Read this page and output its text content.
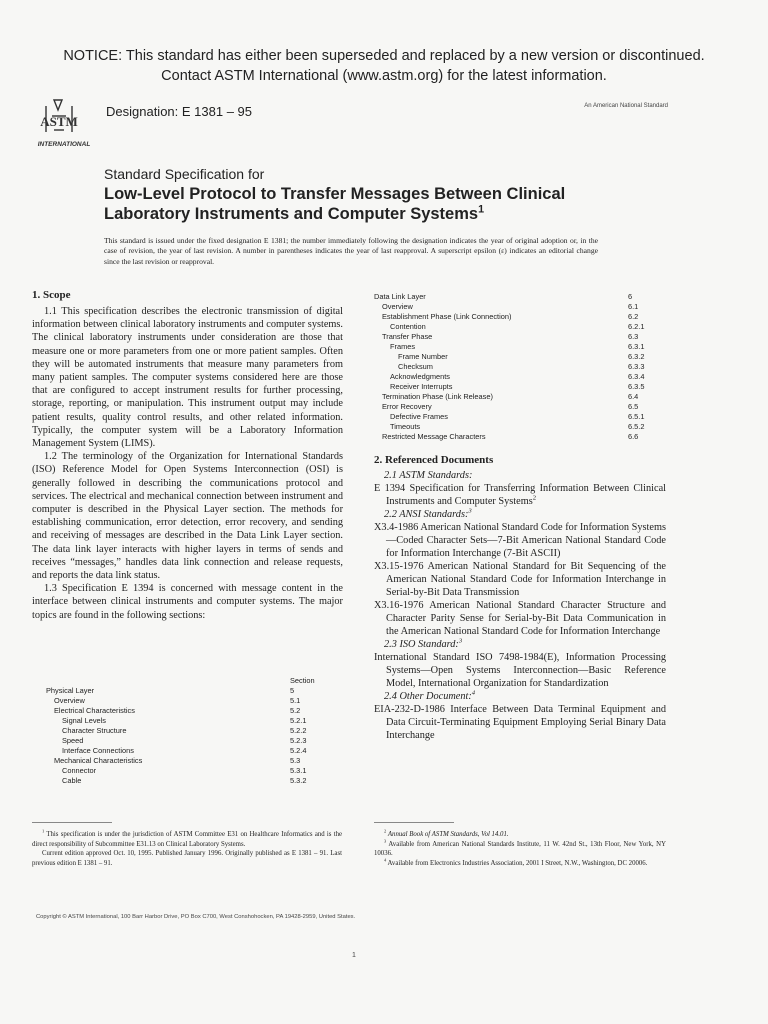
NOTICE: This standard has either been superseded and replaced by a new version or discontinued.
Contact ASTM International (www.astm.org) for the latest information.
ASTM
INTERNATIONAL
Designation: E 1381 – 95	An American National Standard
Standard Specification for
Low-Level Protocol to Transfer Messages Between Clinical
Laboratory Instruments and Computer Systems$^1$
This standard is issued under the fixed designation E 1381; the number immediately following the designation indicates the year of original adoption or, in the case of revision, the year of last revision. A number in parentheses indicates the year of last reapproval. A superscript epsilon (ε) indicates an editorial change since the last revision or reapproval.
1. Scope

1.1 This specification describes the electronic transmission of digital information between clinical laboratory instruments and computer systems. The clinical laboratory instruments under consideration are those that measure one or more parameters from one or more patient samples. Often they will be automated instruments that measure many parameters from many patient samples. The computer systems considered here are those that are configured to accept instrument results for further processing, storage, reporting, or manipulation. This instrument output may include patient results, quality control results, and other related information. Typically, the computer system will be a Laboratory Information Management System (LIMS).

1.2 The terminology of the Organization for International Standards (ISO) Reference Model for Open Systems Interconnection (OSI) is generally followed in describing the communications protocol and services. The electrical and mechanical connection between instrument and computer is described in the Physical Layer section. The methods for establishing communication, error detection, error recovery, and sending and receiving of messages are described in the Data Link Layer section. The data link layer interacts with higher layers in terms of sends and receives “messages,” handles data link connection and release requests, and reports the data link status.

1.3 Specification E 1394 is concerned with message content in the interface between clinical instruments and computer systems. The major topics are found in the following sections:

Section
Physical Layer	5
Overview	5.1
Electrical Characteristics	5.2
Signal Levels	5.2.1
Character Structure	5.2.2
Speed	5.2.3
Interface Connections	5.2.4
Mechanical Characteristics	5.3
Connector	5.3.1
Cable	5.3.2
Data Link Layer	6
Overview	6.1
Establishment Phase (Link Connection)	6.2
Contention	6.2.1
Transfer Phase	6.3
Frames	6.3.1
Frame Number	6.3.2
Checksum	6.3.3
Acknowledgments	6.3.4
Receiver Interrupts	6.3.5
Termination Phase (Link Release)	6.4
Error Recovery	6.5
Defective Frames	6.5.1
Timeouts	6.5.2
Restricted Message Characters	6.6
2. Referenced Documents
2.1 ASTM Standards:
E 1394 Specification for Transferring Information Between Clinical Instruments and Computer Systems$^2$
2.2 ANSI Standards:$^3$
X3.4-1986 American National Standard Code for Information Systems—Coded Character Sets—7-Bit American National Standard Code for Information Interchange (7-Bit ASCII)
X3.15-1976 American National Standard for Bit Sequencing of the American National Standard Code for Information Interchange in Serial-by-Bit Data Transmission
X3.16-1976 American National Standard Character Structure and Character Parity Sense for Serial-by-Bit Data Communication in the American National Standard Code for Information Interchange
2.3 ISO Standard:$^3$
International Standard ISO 7498-1984(E), Information Processing Systems—Open Systems Interconnection—Basic Reference Model, International Organization for Standardization
2.4 Other Document:$^4$
EIA-232-D-1986 Interface Between Data Terminal Equipment and Data Circuit-Terminating Equipment Employing Serial Binary Data Interchange
$^1$ This specification is under the jurisdiction of ASTM Committee E31 on Healthcare Informatics and is the direct responsibility of Subcommittee E31.13 on Clinical Laboratory Systems.
Current edition approved Oct. 10, 1995. Published January 1996. Originally published as E 1381 – 91. Last previous edition E 1381 – 91.
$^2$ Annual Book of ASTM Standards, Vol 14.01.
$^3$ Available from American National Standards Institute, 11 W. 42nd St., 13th Floor, New York, NY 10036.
$^4$ Available from Electronics Industries Association, 2001 I Street, N.W., Washington, DC 20006.
Copyright © ASTM International, 100 Barr Harbor Drive, PO Box C700, West Conshohocken, PA 19428-2959, United States.
1
